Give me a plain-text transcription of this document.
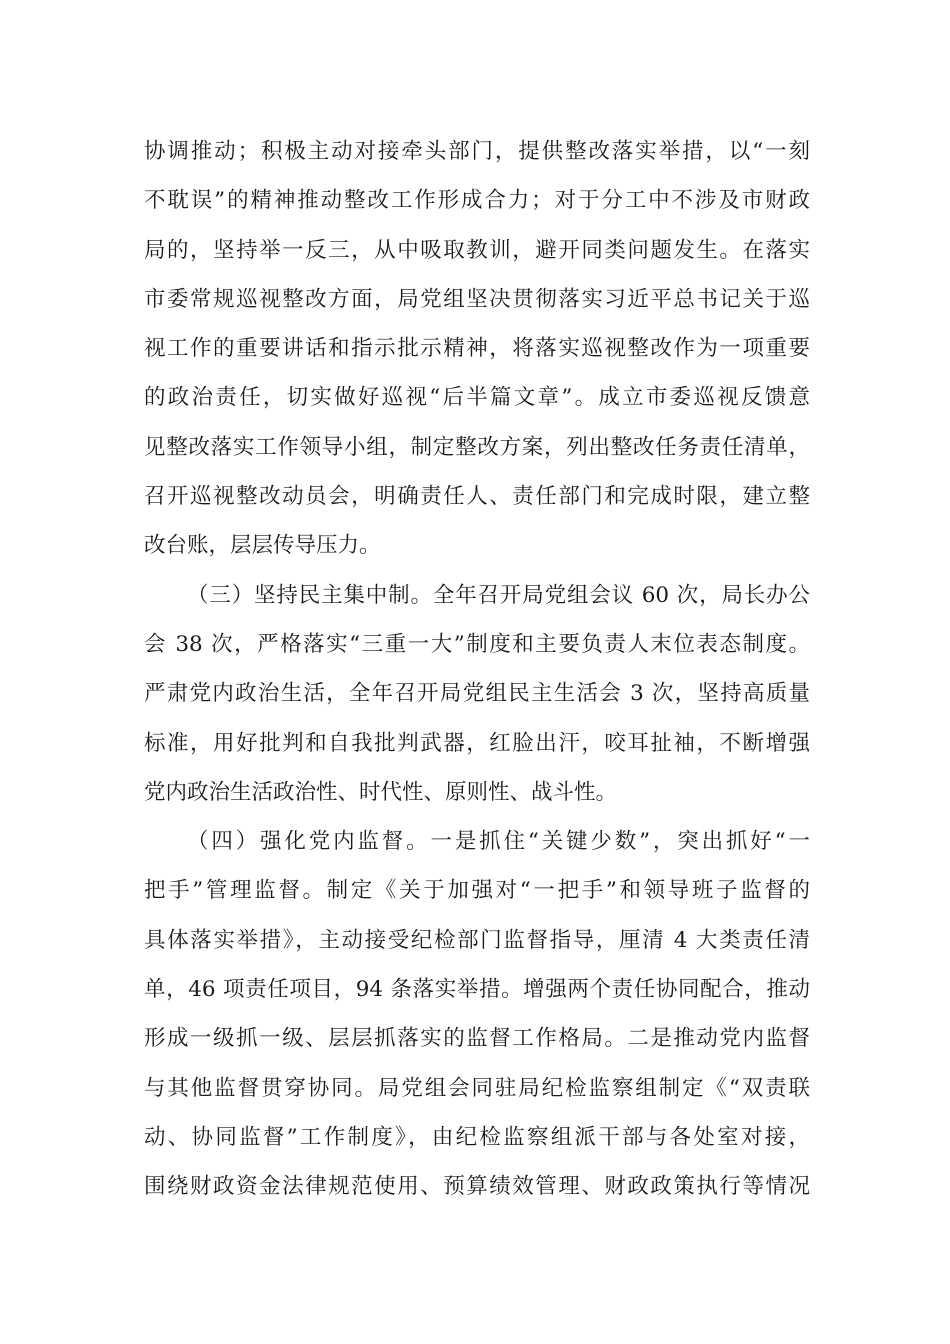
协调推动；积极主动对接牵头部门，提供整改落实举措，以“一刻
不耽误”的精神推动整改工作形成合力；对于分工中不涉及市财政
局的，坚持举一反三，从中吸取教训，避开同类问题发生。在落实
市委常规巡视整改方面，局党组坚决贯彻落实习近平总书记关于巡
视工作的重要讲话和指示批示精神，将落实巡视整改作为一项重要
的政治责任，切实做好巡视“后半篇文章”。成立市委巡视反馈意
见整改落实工作领导小组，制定整改方案，列出整改任务责任清单，
召开巡视整改动员会，明确责任人、责任部门和完成时限，建立整
改台账，层层传导压力。
（三）坚持民主集中制。全年召开局党组会议 60 次，局长办公
会 38 次，严格落实“三重一大”制度和主要负责人末位表态制度。
严肃党内政治生活，全年召开局党组民主生活会 3 次，坚持高质量
标准，用好批判和自我批判武器，红脸出汗，咬耳扯袖，不断增强
党内政治生活政治性、时代性、原则性、战斗性。
（四）强化党内监督。一是抓住“关键少数”，突出抓好“一
把手”管理监督。制定《关于加强对“一把手”和领导班子监督的
具体落实举措》，主动接受纪检部门监督指导，厘清 4 大类责任清
单，46 项责任项目，94 条落实举措。增强两个责任协同配合，推动
形成一级抓一级、层层抓落实的监督工作格局。二是推动党内监督
与其他监督贯穿协同。局党组会同驻局纪检监察组制定《“双责联
动、协同监督”工作制度》，由纪检监察组派干部与各处室对接，
围绕财政资金法律规范使用、预算绩效管理、财政政策执行等情况
